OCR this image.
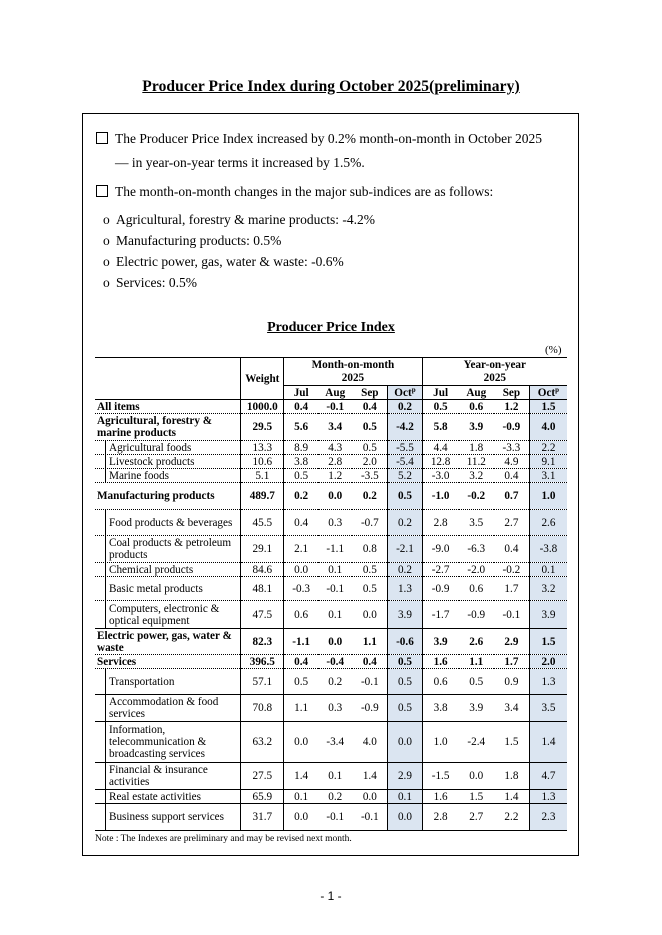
Producer Price Index during October 2025(preliminary)
The Producer Price Index increased by 0.2% month-on-month in October 2025
— in year-on-year terms it increased by 1.5%.
The month-on-month changes in the major sub-indices are as follows:
o Agricultural, forestry & marine products: -4.2%
o Manufacturing products: 0.5%
o Electric power, gas, water & waste: -0.6%
o Services: 0.5%
Producer Price Index
(%)
	Weight	Month-on-month				Year-on-year			
		2025				2025			
		Jul	Aug	Sep	Oct$^p$	Jul	Aug	Sep	Oct$^p$
All items	1000.0	0.4	-0.1	0.4	0.2	0.5	0.6	1.2	1.5
Agricultural, forestry & marine products	29.5	5.6	3.4	0.5	-4.2	5.8	3.9	-0.9	4.0

Agricultural foods	13.3	8.9	4.3	0.5	-5.5	4.4	1.8	-3.3	2.2

Livestock products	10.6	3.8	2.8	2.0	-5.4	12.8	11.2	4.9	9.1

Marine foods	5.1	0.5	1.2	-3.5	5.2	-3.0	3.2	0.4	3.1
Manufacturing products	489.7	0.2	0.0	0.2	0.5	-1.0	-0.2	0.7	1.0

Food products & beverages	45.5	0.4	0.3	-0.7	0.2	2.8	3.5	2.7	2.6

Coal products & petroleum products	29.1	2.1	-1.1	0.8	-2.1	-9.0	-6.3	0.4	-3.8

Chemical products	84.6	0.0	0.1	0.5	0.2	-2.7	-2.0	-0.2	0.1

Basic metal products	48.1	-0.3	-0.1	0.5	1.3	-0.9	0.6	1.7	3.2

Computers, electronic & optical equipment	47.5	0.6	0.1	0.0	3.9	-1.7	-0.9	-0.1	3.9
Electric power, gas, water & waste	82.3	-1.1	0.0	1.1	-0.6	3.9	2.6	2.9	1.5
Services	396.5	0.4	-0.4	0.4	0.5	1.6	1.1	1.7	2.0

Transportation	57.1	0.5	0.2	-0.1	0.5	0.6	0.5	0.9	1.3

Accommodation & food services	70.8	1.1	0.3	-0.9	0.5	3.8	3.9	3.4	3.5

Information, telecommunication & broadcasting services	63.2	0.0	-3.4	4.0	0.0	1.0	-2.4	1.5	1.4

Financial & insurance activities	27.5	1.4	0.1	1.4	2.9	-1.5	0.0	1.8	4.7

Real estate activities	65.9	0.1	0.2	0.0	0.1	1.6	1.5	1.4	1.3

Business support services	31.7	0.0	-0.1	-0.1	0.0	2.8	2.7	2.2	2.3
Note : The Indexes are preliminary and may be revised next month.
- 1 -
